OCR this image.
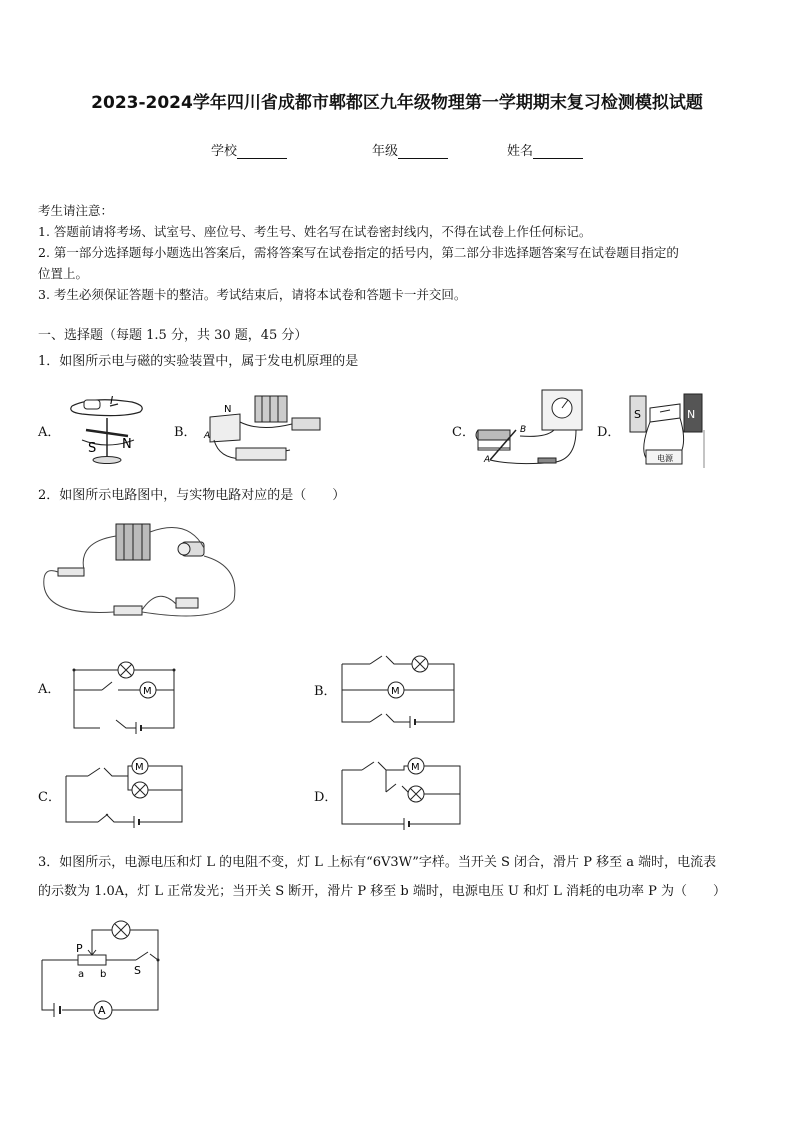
2023-2024学年四川省成都市郫都区九年级物理第一学期期末复习检测模拟试题
学校	年级	姓名
考生请注意：
1. 答题前请将考场、试室号、座位号、考生号、姓名写在试卷密封线内，不得在试卷上作任何标记。
2. 第一部分选择题每小题选出答案后，需将答案写在试卷指定的括号内，第二部分非选择题答案写在试卷题目指定的
位置上。
3. 考生必须保证答题卡的整洁。考试结束后，请将本试卷和答题卡一并交回。
一、选择题（每题 1.5 分，共 30 题，45 分）
1．如图所示电与磁的实验装置中，属于发电机原理的是
A．
I
S N
B．
N
A	C．	B
A
D．
S	N
电源
2．如图所示电路图中，与实物电路对应的是（　　）
A．	M	B．	M
C．
M
D．
M
3．如图所示，电源电压和灯 L 的电阻不变，灯 L 上标有“6V3W”字样。当开关 S 闭合，滑片 P 移至 a 端时，电流表
的示数为 1.0A，灯 L 正常发光；当开关 S 断开，滑片 P 移至 b 端时，电源电压 U 和灯 L 消耗的电功率 P 为（　　）
P
a b	S
A
